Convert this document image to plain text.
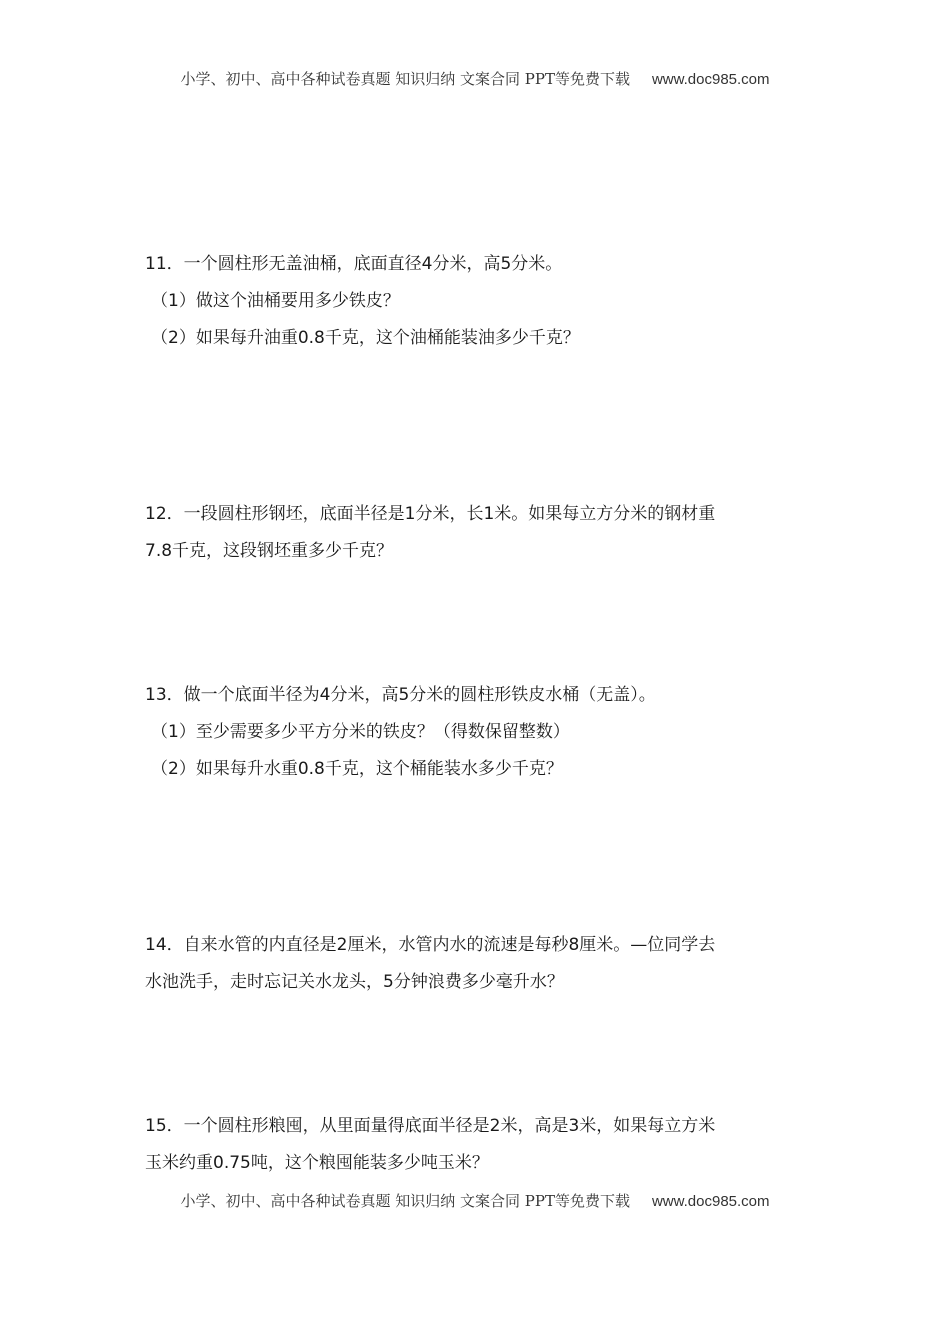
小学、初中、高中各种试卷真题 知识归纳 文案合同 PPT等免费下载 www.doc985.com

11．一个圆柱形无盖油桶，底面直径4分米，高5分米。

（1）做这个油桶要用多少铁皮？

（2）如果每升油重0.8千克，这个油桶能装油多少千克？

12．一段圆柱形钢坯，底面半径是1分米，长1米。如果每立方分米的钢材重

7.8千克，这段钢坯重多少千克？

13．做一个底面半径为4分米，高5分米的圆柱形铁皮水桶（无盖）。

（1）至少需要多少平方分米的铁皮？（得数保留整数）

（2）如果每升水重0.8千克，这个桶能装水多少千克？

14．自来水管的内直径是2厘米，水管内水的流速是每秒8厘米。—位同学去

水池洗手，走时忘记关水龙头，5分钟浪费多少毫升水？

15．一个圆柱形粮囤，从里面量得底面半径是2米，高是3米，如果每立方米

玉米约重0.75吨，这个粮囤能装多少吨玉米？

小学、初中、高中各种试卷真题 知识归纳 文案合同 PPT等免费下载 www.doc985.com
